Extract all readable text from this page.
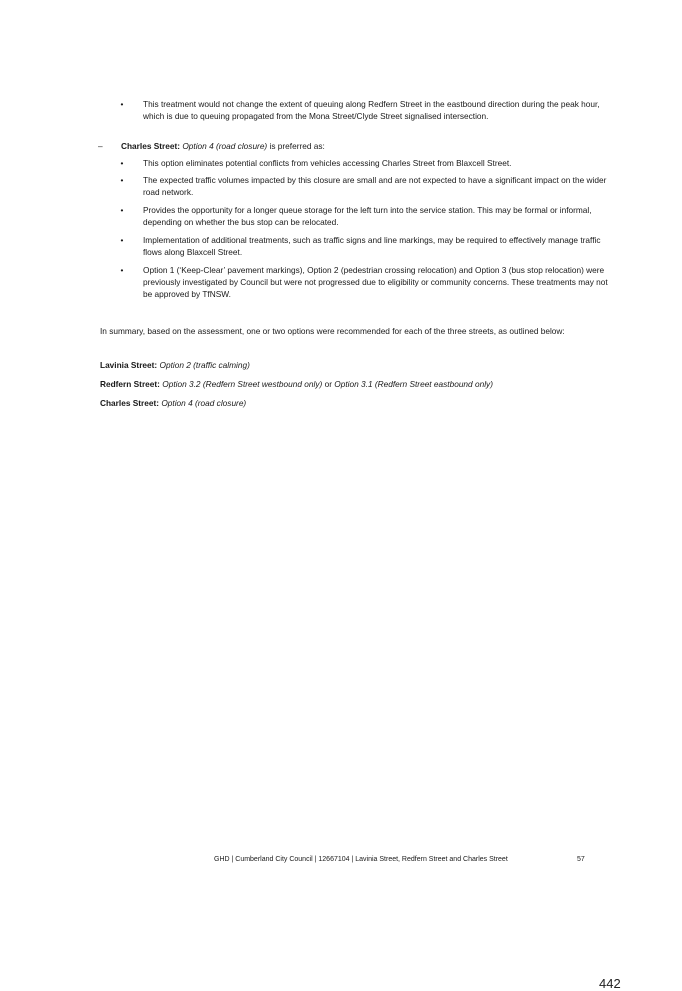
•	This treatment would not change the extent of queuing along Redfern Street in the eastbound direction during the peak hour, which is due to queuing propagated from the Mona Street/Clyde Street signalised intersection.
–	Charles Street: Option 4 (road closure) is preferred as:
•	This option eliminates potential conflicts from vehicles accessing Charles Street from Blaxcell Street.
•	The expected traffic volumes impacted by this closure are small and are not expected to have a significant impact on the wider road network.
•	Provides the opportunity for a longer queue storage for the left turn into the service station. This may be formal or informal, depending on whether the bus stop can be relocated.
•	Implementation of additional treatments, such as traffic signs and line markings, may be required to effectively manage traffic flows along Blaxcell Street.
•	Option 1 (‘Keep-Clear’ pavement markings), Option 2 (pedestrian crossing relocation) and Option 3 (bus stop relocation) were previously investigated by Council but were not progressed due to eligibility or community concerns. These treatments may not be approved by TfNSW.
In summary, based on the assessment, one or two options were recommended for each of the three streets, as outlined below:
Lavinia Street: Option 2 (traffic calming)
Redfern Street: Option 3.2 (Redfern Street westbound only) or Option 3.1 (Redfern Street eastbound only)
Charles Street: Option 4 (road closure)
GHD | Cumberland City Council | 12667104 | Lavinia Street, Redfern Street and Charles Street	57
442
